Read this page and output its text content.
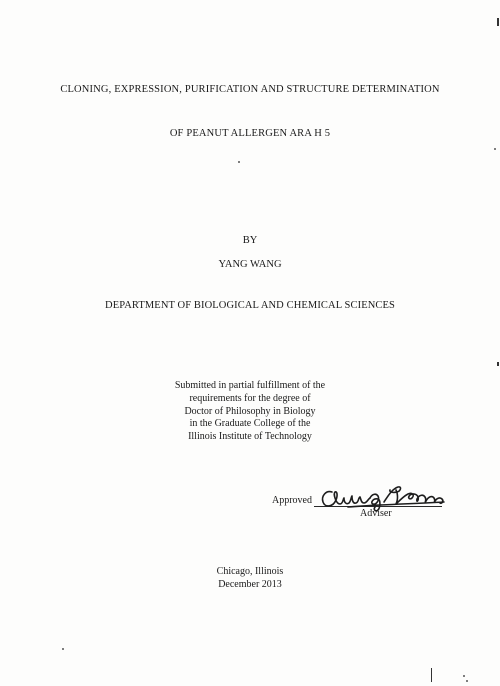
CLONING, EXPRESSION, PURIFICATION AND STRUCTURE DETERMINATION
OF PEANUT ALLERGEN ARA H 5
BY
YANG WANG
DEPARTMENT OF BIOLOGICAL AND CHEMICAL SCIENCES
Submitted in partial fulfillment of the
requirements for the degree of
Doctor of Philosophy in Biology
in the Graduate College of the
Illinois Institute of Technology
Approved
Adviser
Chicago, Illinois
December 2013
